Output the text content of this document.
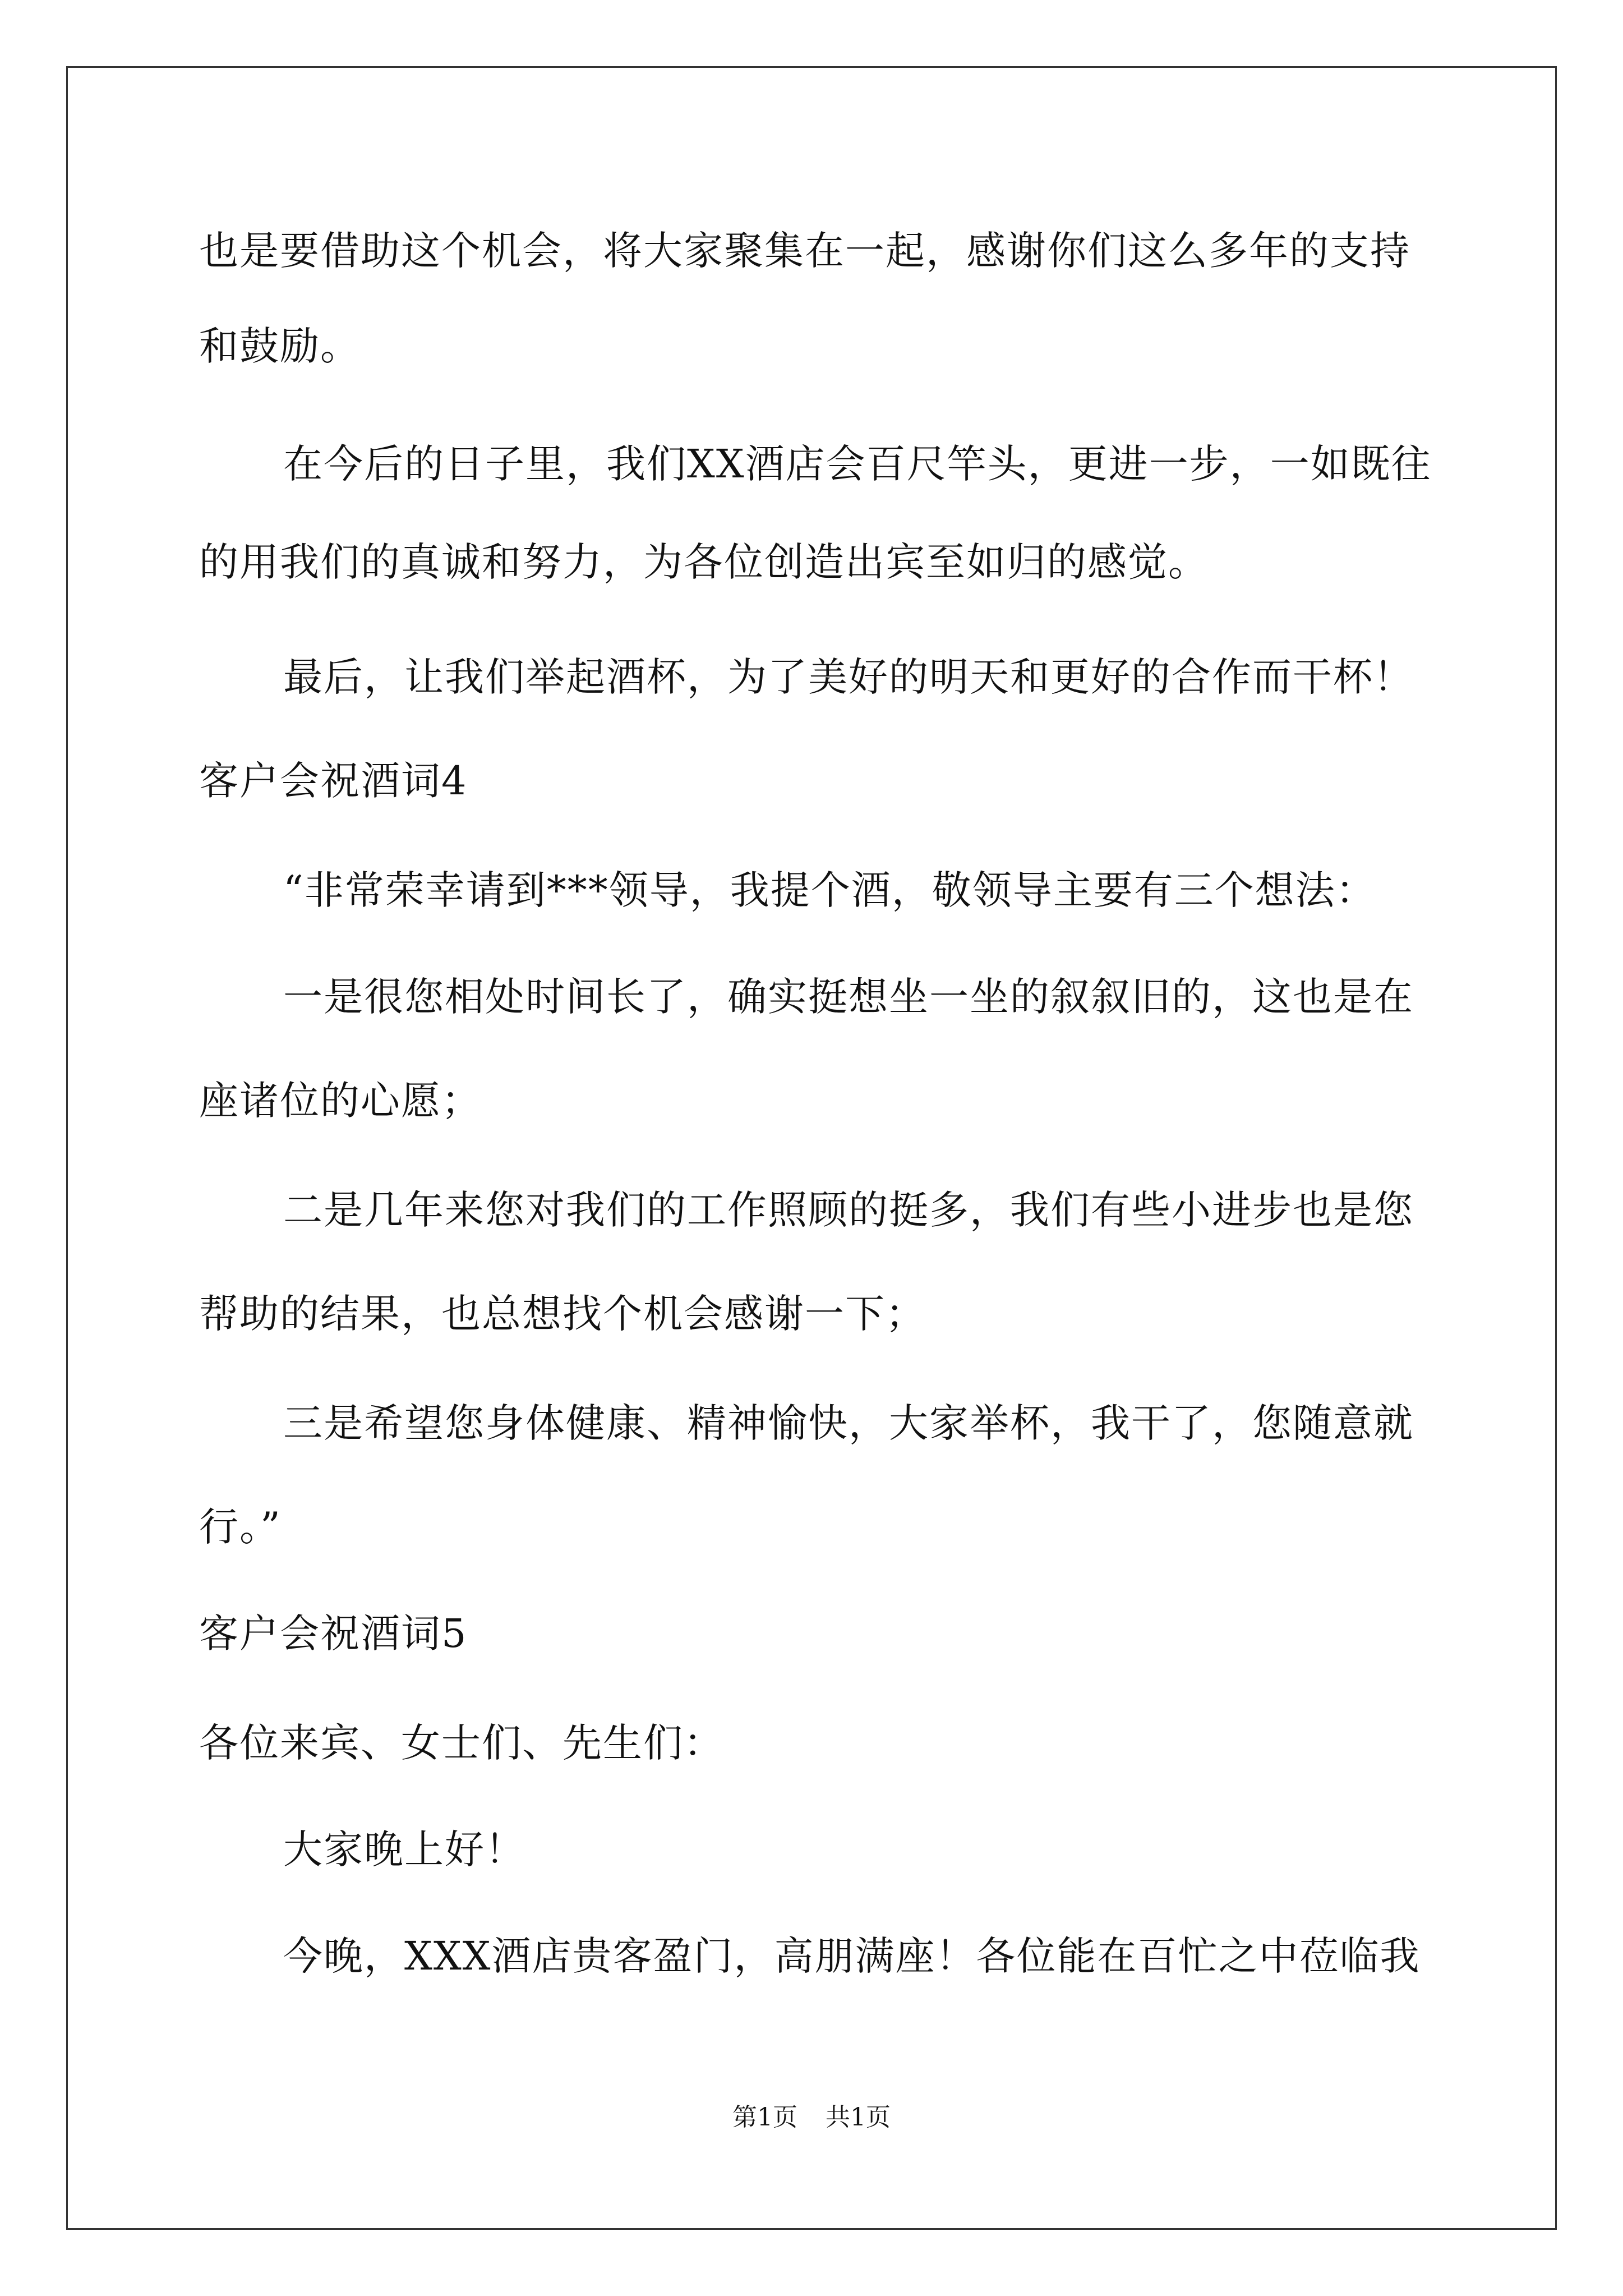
也是要借助这个机会，将大家聚集在一起，感谢你们这么多年的支持
和鼓励。
在今后的日子里，我们XX酒店会百尺竿头，更进一步，一如既往
的用我们的真诚和努力，为各位创造出宾至如归的感觉。
最后，让我们举起酒杯，为了美好的明天和更好的合作而干杯！
客户会祝酒词4
“非常荣幸请到***领导，我提个酒，敬领导主要有三个想法：
一是很您相处时间长了，确实挺想坐一坐的叙叙旧的，这也是在
座诸位的心愿；
二是几年来您对我们的工作照顾的挺多，我们有些小进步也是您
帮助的结果，也总想找个机会感谢一下；
三是希望您身体健康、精神愉快，大家举杯，我干了，您随意就
行。”
客户会祝酒词5
各位来宾、女士们、先生们：
大家晚上好！
今晚，XXX酒店贵客盈门，高朋满座！各位能在百忙之中莅临我
第1页 共1页
